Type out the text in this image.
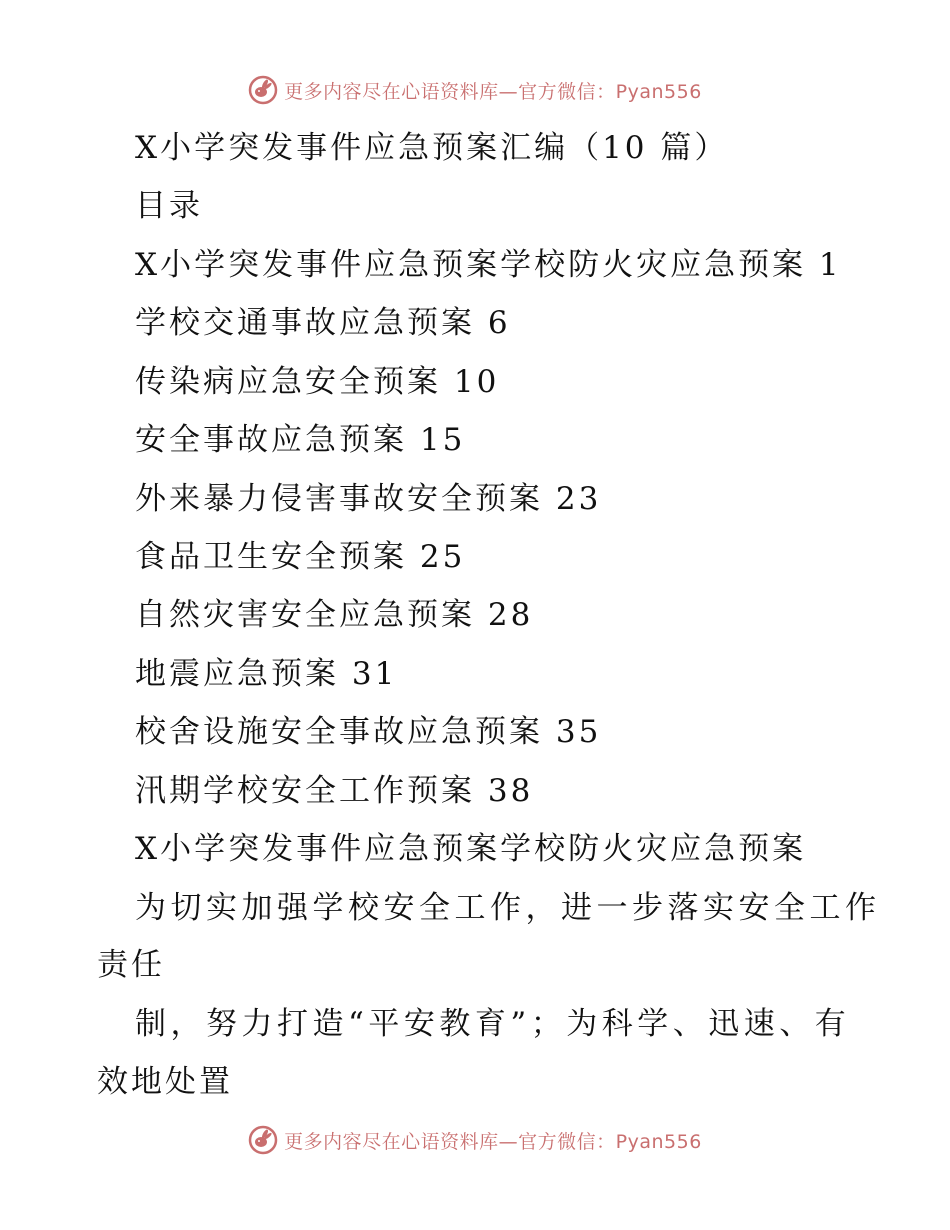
更多内容尽在心语资料库—官方微信：Pyan556
X小学突发事件应急预案汇编（10 篇）
目录
X小学突发事件应急预案学校防火灾应急预案 1
学校交通事故应急预案 6
传染病应急安全预案 10
安全事故应急预案 15
外来暴力侵害事故安全预案 23
食品卫生安全预案 25
自然灾害安全应急预案 28
地震应急预案 31
校舍设施安全事故应急预案 35
汛期学校安全工作预案 38
X小学突发事件应急预案学校防火灾应急预案
为切实加强学校安全工作，进一步落实安全工作
责任
制，努力打造“平安教育”；为科学、迅速、有
效地处置
更多内容尽在心语资料库—官方微信：Pyan556
